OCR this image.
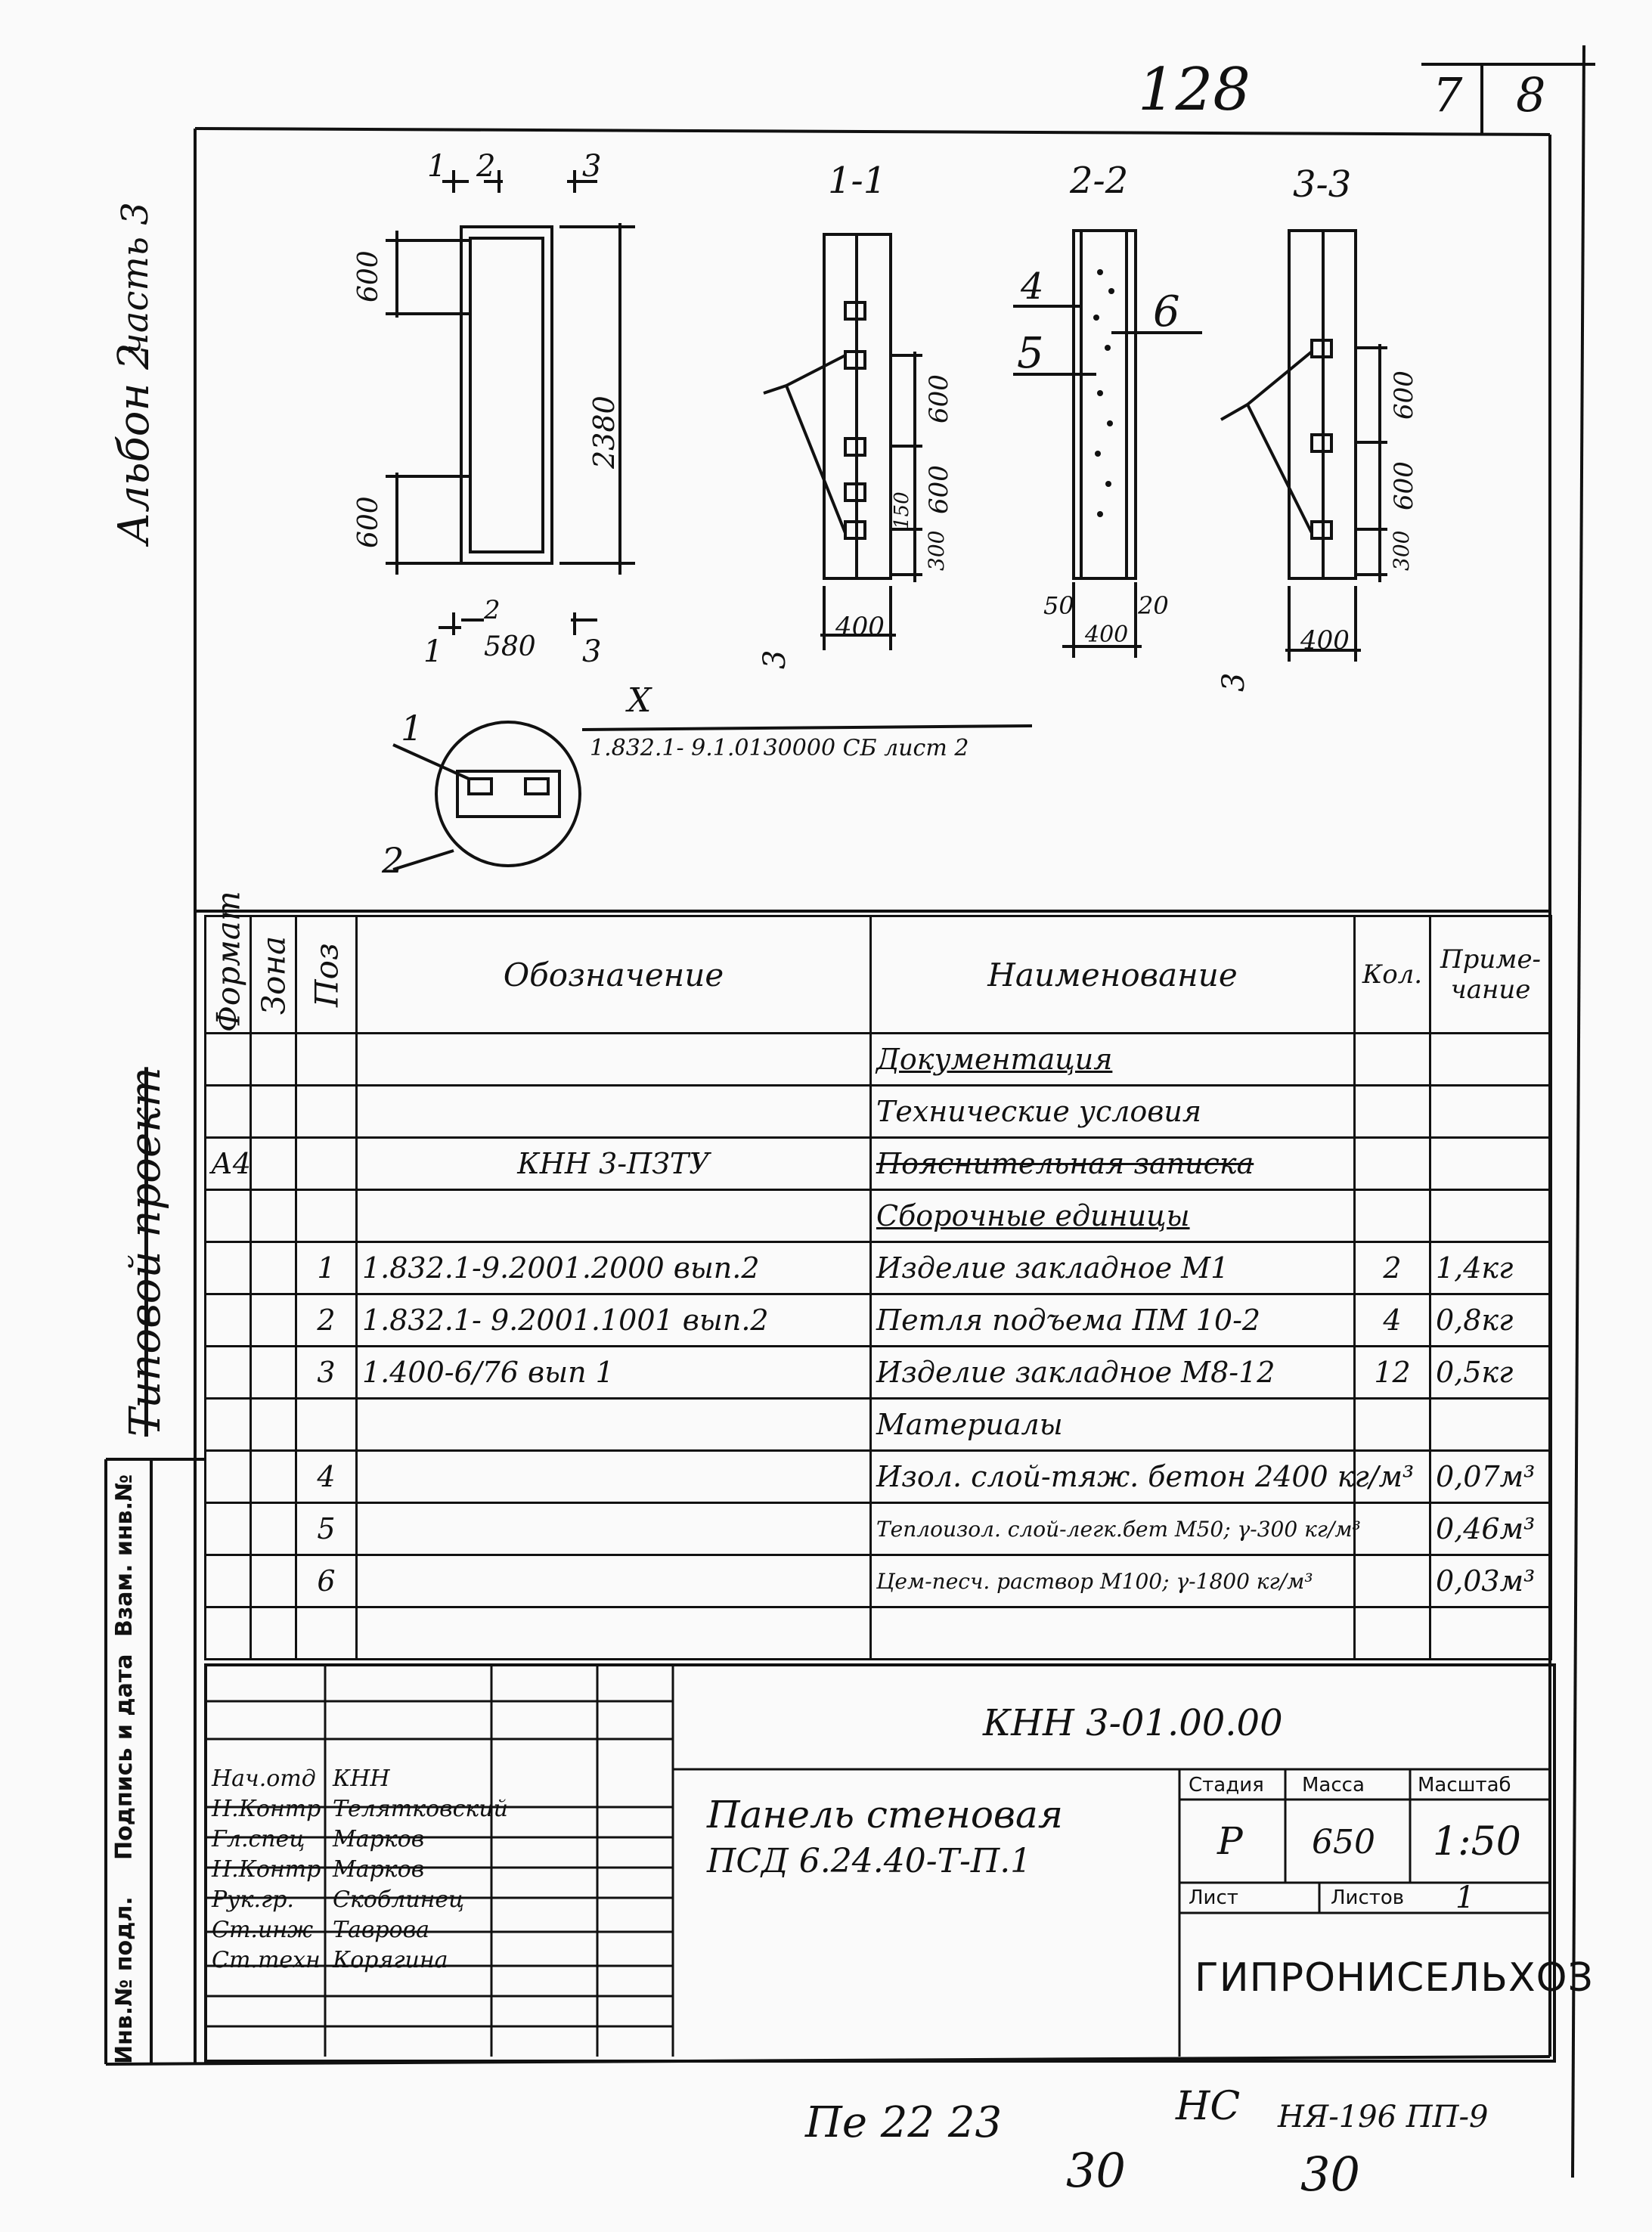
128	7 8
Альбон 2
часть 3
Типовой проект
1 2	3
600
600
2380
580
1
2
3
1-1
600
600
150
300
400
3
2-2
4
5
6
50	20
400
3-3
600
600
300
400
3
X
1.832.1- 9.1.0130000 СБ лист 2
1
2
Формат	Зона	Поз	Обозначение	Наименование	Кол.	Приме-чание
				Документация		
				Технические условия		
А4			КНН 3-ПЗТУ	Пояснительная записка		
				Сборочные единицы		
		1	1.832.1-9.2001.2000 вып.2	Изделие закладное М1	2	1,4кг
		2	1.832.1- 9.2001.1001 вып.2	Петля подъема ПМ 10-2	4	0,8кг
		3	1.400-6/76 вып 1	Изделие закладное М8-12	12	0,5кг
				Материалы		
		4		Изол. слой-тяж. бетон 2400 кг/м³		0,07м³
		5		Теплоизол. слой-легк.бет М50; γ-300 кг/м³		0,46м³
		6		Цем-песч. раствор М100; γ-1800 кг/м³		0,03м³

Взам. инв.№
Подпись и дата
Инв.№ подл.
Нач.отд КНН
Н.Контр Телятковский
Гл.спец Марков
Н.Контр Марков
Рук.гр. Скоблинец
Ст.инж Таврова
Ст.техн Корягина
КНН 3-01.00.00
Панель стеновая
ПСД 6.24.40-Т-П.1
Стадия Масса	Масштаб
Р 650 1:50
Лист	Листов 1
ГИПРОНИСЕЛЬХОЗ
Пе 22 23	НС НЯ-196 ПП-9
30	30
